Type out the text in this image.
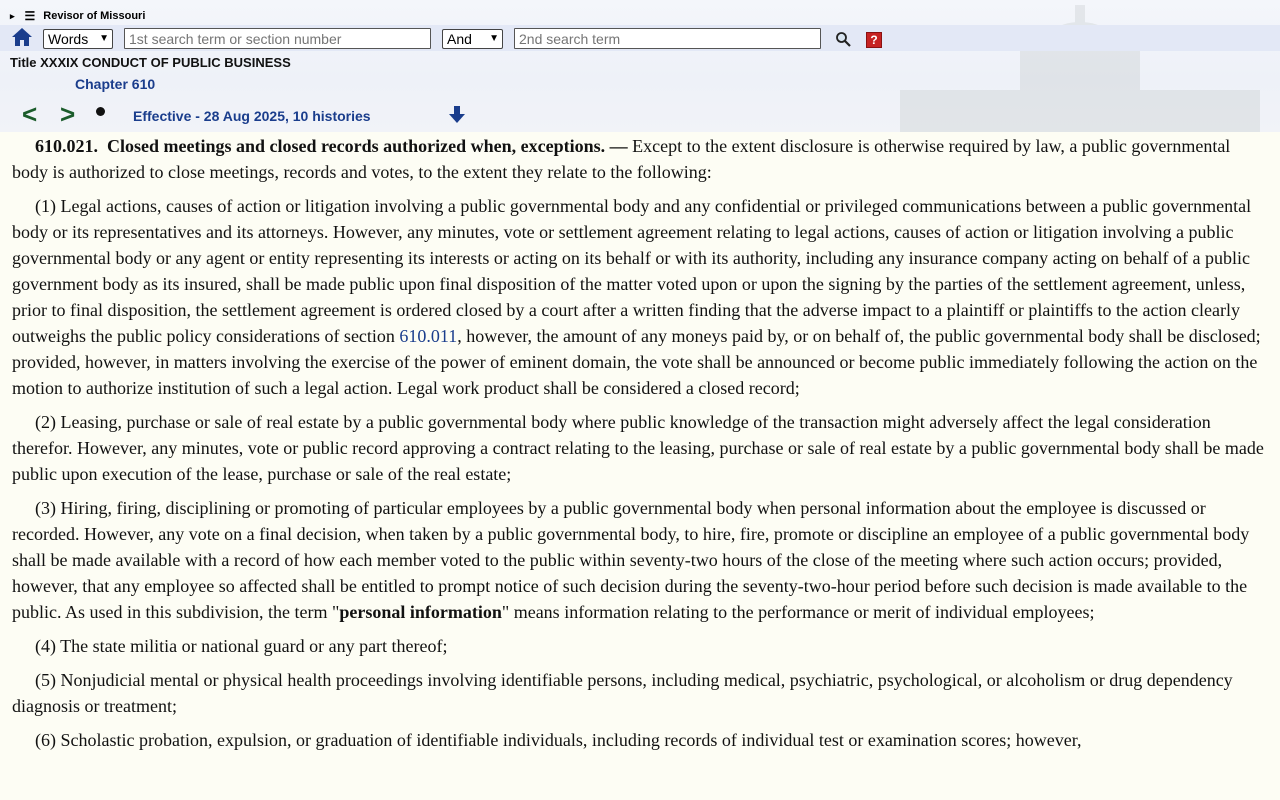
▸ ☰ Revisor of Missouri
Words ▼
1st search term or section number	And ▼
2nd search term	?
Title XXXIX CONDUCT OF PUBLIC BUSINESS
Chapter 610
< >	Effective - 28 Aug 2025, 10 histories

610.021. Closed meetings and closed records authorized when, exceptions. — Except to the extent disclosure is otherwise required by law, a public governmental body is authorized to close meetings, records and votes, to the extent they relate to the following:

(1) Legal actions, causes of action or litigation involving a public governmental body and any confidential or privileged communications between a public governmental body or its representatives and its attorneys. However, any minutes, vote or settlement agreement relating to legal actions, causes of action or litigation involving a public governmental body or any agent or entity representing its interests or acting on its behalf or with its authority, including any insurance company acting on behalf of a public government body as its insured, shall be made public upon final disposition of the matter voted upon or upon the signing by the parties of the settlement agreement, unless, prior to final disposition, the settlement agreement is ordered closed by a court after a written finding that the adverse impact to a plaintiff or plaintiffs to the action clearly outweighs the public policy considerations of section 610.011, however, the amount of any moneys paid by, or on behalf of, the public governmental body shall be disclosed; provided, however, in matters involving the exercise of the power of eminent domain, the vote shall be announced or become public immediately following the action on the motion to authorize institution of such a legal action. Legal work product shall be considered a closed record;

(2) Leasing, purchase or sale of real estate by a public governmental body where public knowledge of the transaction might adversely affect the legal consideration therefor. However, any minutes, vote or public record approving a contract relating to the leasing, purchase or sale of real estate by a public governmental body shall be made public upon execution of the lease, purchase or sale of the real estate;

(3) Hiring, firing, disciplining or promoting of particular employees by a public governmental body when personal information about the employee is discussed or recorded. However, any vote on a final decision, when taken by a public governmental body, to hire, fire, promote or discipline an employee of a public governmental body shall be made available with a record of how each member voted to the public within seventy-two hours of the close of the meeting where such action occurs; provided, however, that any employee so affected shall be entitled to prompt notice of such decision during the seventy-two-hour period before such decision is made available to the public. As used in this subdivision, the term "personal information" means information relating to the performance or merit of individual employees;

(4) The state militia or national guard or any part thereof;

(5) Nonjudicial mental or physical health proceedings involving identifiable persons, including medical, psychiatric, psychological, or alcoholism or drug dependency diagnosis or treatment;

(6) Scholastic probation, expulsion, or graduation of identifiable individuals, including records of individual test or examination scores; however,
